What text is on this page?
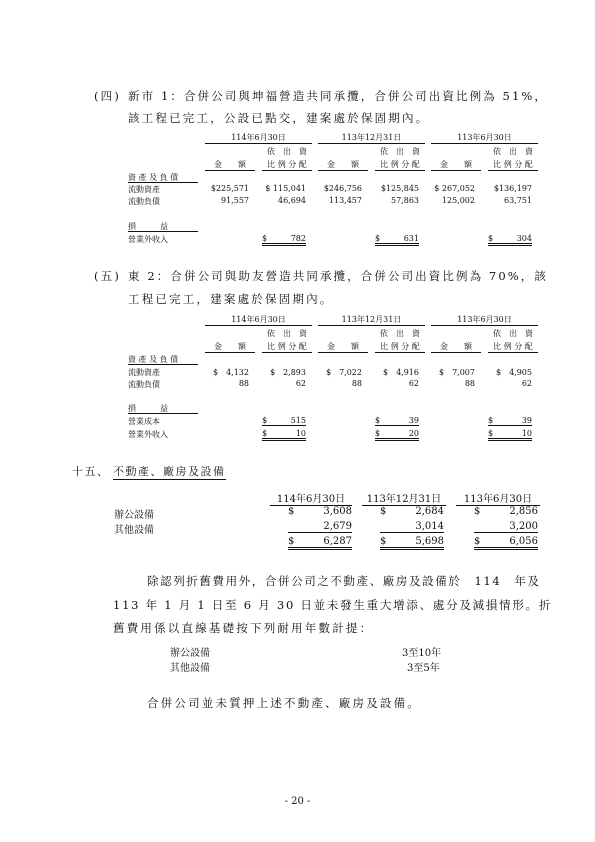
(四) 新市 1：合併公司與坤福營造共同承攬，合併公司出資比例為 51%，
該工程已完工，公設已點交，建案處於保固期內。
114年6月30日	113年12月31日	113年6月30日
依　出　資	依　出　資	依　出　資
金　　額	比 例 分 配	金　　額	比 例 分 配	金　　額	比 例 分 配
資 產 及 負 債
流動資產	$225,571	$ 115,041	$246,756	$125,845	$ 267,052	$136,197
流動負債	91,557	46,694	113,457	57,863	125,002	63,751
損　　　益
營業外收入	$	782	$	631	$	304
(五) 東 2：合併公司與助友營造共同承攬，合併公司出資比例為 70%，該
工程已完工，建案處於保固期內。
114年6月30日	113年12月31日	113年6月30日
依　出　資	依　出　資	依　出　資
金　　額	比 例 分 配	金　　額	比 例 分 配	金　　額	比 例 分 配
資 產 及 負 債
流動資產	$　4,132	$　2,893	$　7,022	$　4,916	$　7,007	$　4,905
流動負債	88	62	88	62	88	62
損　　　益
營業成本	$	515	$	39	$	39
營業外收入	$	10	$	20	$	10
十五、 不動產、廠房及設備
114年6月30日	113年12月31日	113年6月30日
辦公設備	$	3,608	$	2,684	$	2,856
其他設備	2,679	3,014	3,200
$	6,287	$	5,698	$	6,056
除認列折舊費用外，合併公司之不動產、廠房及設備於　114　年及
113 年 1 月 1 日至 6 月 30 日並未發生重大增添、處分及減損情形。折
舊費用係以直線基礎按下列耐用年數計提：
辦公設備	3至10年
其他設備	3至5年
合併公司並未質押上述不動產、廠房及設備。
- 20 -
